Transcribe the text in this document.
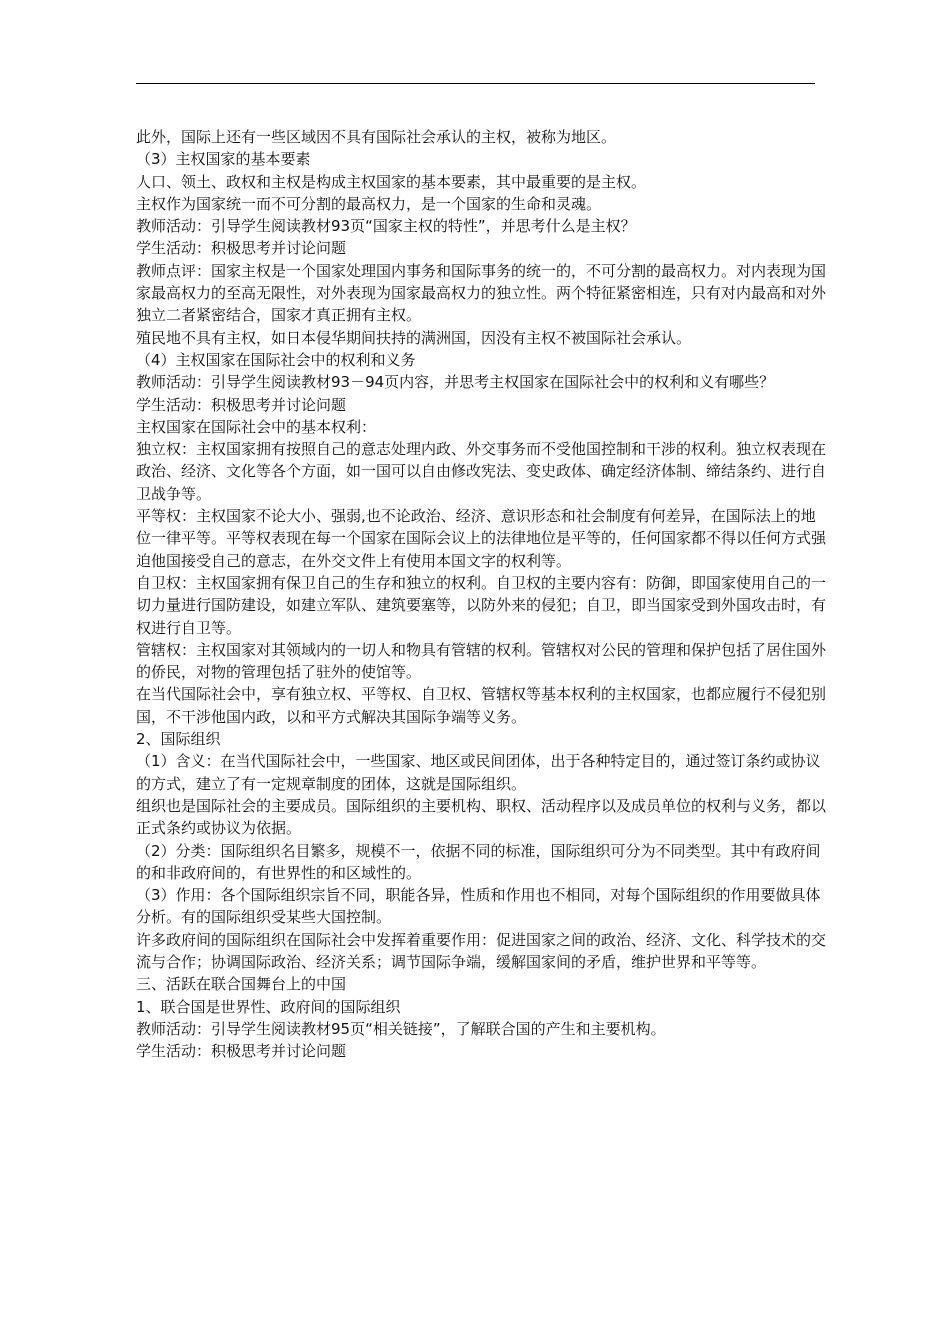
此外，国际上还有一些区域因不具有国际社会承认的主权，被称为地区。

（3）主权国家的基本要素

人口、领土、政权和主权是构成主权国家的基本要素，其中最重要的是主权。

主权作为国家统一而不可分割的最高权力，是一个国家的生命和灵魂。

教师活动：引导学生阅读教材93页“国家主权的特性”，并思考什么是主权？

学生活动：积极思考并讨论问题

教师点评：国家主权是一个国家处理国内事务和国际事务的统一的，不可分割的最高权力。对内表现为国家最高权力的至高无限性，对外表现为国家最高权力的独立性。两个特征紧密相连，只有对内最高和对外独立二者紧密结合，国家才真正拥有主权。

殖民地不具有主权，如日本侵华期间扶持的满洲国，因没有主权不被国际社会承认。

（4）主权国家在国际社会中的权利和义务

教师活动：引导学生阅读教材93－94页内容，并思考主权国家在国际社会中的权利和义有哪些？

学生活动：积极思考并讨论问题

主权国家在国际社会中的基本权利：

独立权：主权国家拥有按照自己的意志处理内政、外交事务而不受他国控制和干涉的权利。独立权表现在政治、经济、文化等各个方面，如一国可以自由修改宪法、变史政体、确定经济体制、缔结条约、进行自卫战争等。

平等权：主权国家不论大小、强弱,也不论政治、经济、意识形态和社会制度有何差异，在国际法上的地位一律平等。平等权表现在每一个国家在国际会议上的法律地位是平等的，任何国家都不得以任何方式强迫他国接受自己的意志，在外交文件上有使用本国文字的权利等。

自卫权：主权国家拥有保卫自己的生存和独立的权利。自卫权的主要内容有：防御，即国家使用自己的一切力量进行国防建设，如建立军队、建筑要塞等，以防外来的侵犯；自卫，即当国家受到外国攻击时，有权进行自卫等。

管辖权：主权国家对其领域内的一切人和物具有管辖的权利。管辖权对公民的管理和保护包括了居住国外的侨民，对物的管理包括了驻外的使馆等。

在当代国际社会中，享有独立权、平等权、自卫权、管辖权等基本权利的主权国家，也都应履行不侵犯别国，不干涉他国内政，以和平方式解决其国际争端等义务。

2、国际组织

（1）含义：在当代国际社会中，一些国家、地区或民间团体，出于各种特定目的，通过签订条约或协议的方式，建立了有一定规章制度的团体，这就是国际组织。

组织也是国际社会的主要成员。国际组织的主要机构、职权、活动程序以及成员单位的权利与义务，都以正式条约或协议为依据。

（2）分类：国际组织名目繁多，规模不一，依据不同的标准，国际组织可分为不同类型。其中有政府间的和非政府间的，有世界性的和区域性的。

（3）作用：各个国际组织宗旨不同，职能各异，性质和作用也不相同，对每个国际组织的作用要做具体分析。有的国际组织受某些大国控制。

许多政府间的国际组织在国际社会中发挥着重要作用：促进国家之间的政治、经济、文化、科学技术的交流与合作；协调国际政治、经济关系；调节国际争端，缓解国家间的矛盾，维护世界和平等等。

三、活跃在联合国舞台上的中国

1、联合国是世界性、政府间的国际组织

教师活动：引导学生阅读教材95页“相关链接”，了解联合国的产生和主要机构。

学生活动：积极思考并讨论问题
